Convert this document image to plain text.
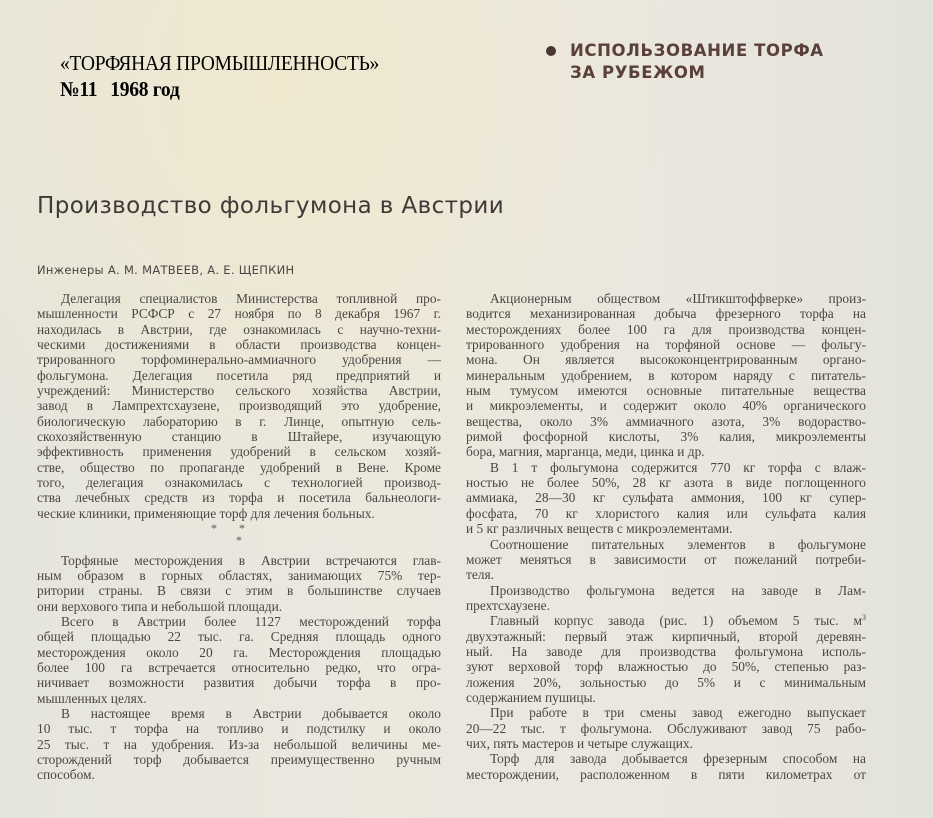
«ТОРФЯНАЯ ПРОМЫШЛЕННОСТЬ»
№11 1968 год
ИСПОЛЬЗОВАНИЕ ТОРФА
ЗА РУБЕЖОМ
Производство фольгумона в Австрии
Инженеры А. М. МАТВЕЕВ, А. Е. ЩЕПКИН
Делегация специалистов Министерства топливной про-
мышленности РСФСР с 27 ноября по 8 декабря 1967 г.
находилась в Австрии, где ознакомилась с научно-техни-
ческими достижениями в области производства концен-
трированного торфоминерально-аммиачного удобрения —
фольгумона. Делегация посетила ряд предприятий и
учреждений: Министерство сельского хозяйства Австрии,
завод в Лампрехтсхаузене, производящий это удобрение,
биологическую лабораторию в г. Линце, опытную сель-
скохозяйственную станцию в Штайере, изучающую
эффективность применения удобрений в сельском хозяй-
стве, общество по пропаганде удобрений в Вене. Кроме
того, делегация ознакомилась с технологией производ-
ства лечебных средств из торфа и посетила бальнеологи-
ческие клиники, применяющие торф для лечения больных.
**
*
Торфяные месторождения в Австрии встречаются глав-
ным образом в горных областях, занимающих 75% тер-
ритории страны. В связи с этим в большинстве случаев
они верхового типа и небольшой площади.
Всего в Австрии более 1127 месторождений торфа
общей площадью 22 тыс. га. Средняя площадь одного
месторождения около 20 га. Месторождения площадью
более 100 га встречается относительно редко, что огра-
ничивает возможности развития добычи торфа в про-
мышленных целях.
В настоящее время в Австрии добывается около
10 тыс. т торфа на топливо и подстилку и около
25 тыс. т на удобрения. Из-за небольшой величины ме-
сторождений торф добывается преимущественно ручным
способом.
Акционерным обществом «Штикштоффверке» произ-
водится механизированная добыча фрезерного торфа на
месторождениях более 100 га для производства концен-
трированного удобрения на торфяной основе — фольгу-
мона. Он является высококонцентрированным органо-
минеральным удобрением, в котором наряду с питатель-
ным тумусом имеются основные питательные вещества
и микроэлементы, и содержит около 40% органического
вещества, около 3% аммиачного азота, 3% водораство-
римой фосфорной кислоты, 3% калия, микроэлементы
бора, магния, марганца, меди, цинка и др.
В 1 т фольгумона содержится 770 кг торфа с влаж-
ностью не более 50%, 28 кг азота в виде поглощенного
аммиака, 28—30 кг сульфата аммония, 100 кг супер-
фосфата, 70 кг хлористого калия или сульфата калия
и 5 кг различных веществ с микроэлементами.
Соотношение питательных элементов в фольгумоне
может меняться в зависимости от пожеланий потреби-
теля.
Производство фольгумона ведется на заводе в Лам-
прехтсхаузене.
Главный корпус завода (рис. 1) объемом 5 тыс. $м^3$
двухэтажный: первый этаж кирпичный, второй деревян-
ный. На заводе для производства фольгумона исполь-
зуют верховой торф влажностью до 50%, степенью раз-
ложения 20%, зольностью до 5% и с минимальным
содержанием пушицы.
При работе в три смены завод ежегодно выпускает
20—22 тыс. т фольгумона. Обслуживают завод 75 рабо-
чих, пять мастеров и четыре служащих.
Торф для завода добывается фрезерным способом на
месторождении, расположенном в пяти километрах от
